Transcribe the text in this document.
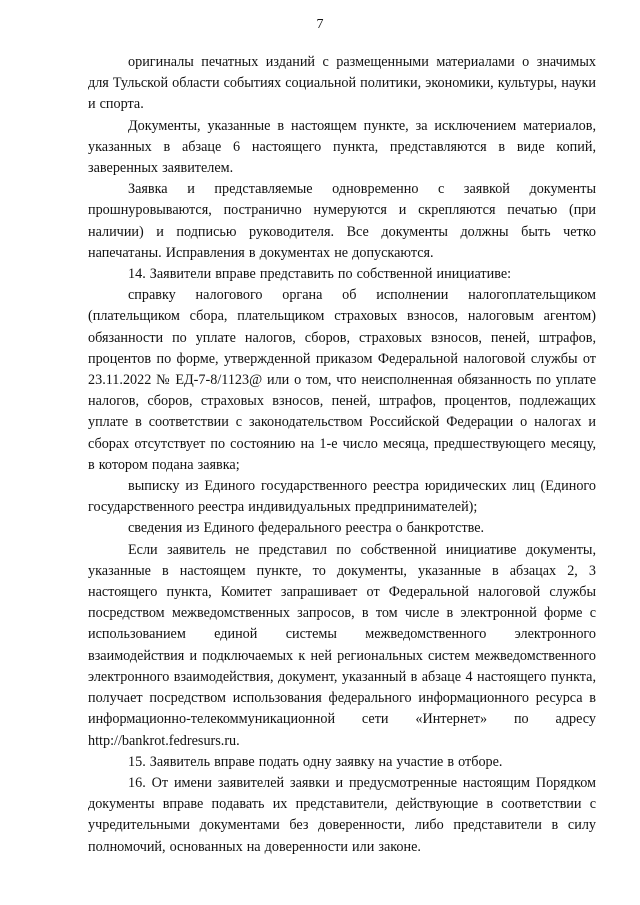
7

оригиналы печатных изданий с размещенными материалами о значимых для Тульской области событиях социальной политики, экономики, культуры, науки и спорта.

Документы, указанные в настоящем пункте, за исключением материалов, указанных в абзаце 6 настоящего пункта, представляются в виде копий, заверенных заявителем.

Заявка и представляемые одновременно с заявкой документы прошнуровываются, постранично нумеруются и скрепляются печатью (при наличии) и подписью руководителя. Все документы должны быть четко напечатаны. Исправления в документах не допускаются.

14. Заявители вправе представить по собственной инициативе:

справку налогового органа об исполнении налогоплательщиком (плательщиком сбора, плательщиком страховых взносов, налоговым агентом) обязанности по уплате налогов, сборов, страховых взносов, пеней, штрафов, процентов по форме, утвержденной приказом Федеральной налоговой службы от 23.11.2022 № ЕД-7-8/1123@ или о том, что неисполненная обязанность по уплате налогов, сборов, страховых взносов, пеней, штрафов, процентов, подлежащих уплате в соответствии с законодательством Российской Федерации о налогах и сборах отсутствует по состоянию на 1-е число месяца, предшествующего месяцу, в котором подана заявка;

выписку из Единого государственного реестра юридических лиц (Единого государственного реестра индивидуальных предпринимателей);

сведения из Единого федерального реестра о банкротстве.

Если заявитель не представил по собственной инициативе документы, указанные в настоящем пункте, то документы, указанные в абзацах 2, 3 настоящего пункта, Комитет запрашивает от Федеральной налоговой службы посредством межведомственных запросов, в том числе в электронной форме с использованием единой системы межведомственного электронного взаимодействия и подключаемых к ней региональных систем межведомственного электронного взаимодействия, документ, указанный в абзаце 4 настоящего пункта, получает посредством использования федерального информационного ресурса в информационно-телекоммуникационной сети «Интернет» по адресу http://bankrot.fedresurs.ru.

15. Заявитель вправе подать одну заявку на участие в отборе.

16. От имени заявителей заявки и предусмотренные настоящим Порядком документы вправе подавать их представители, действующие в соответствии с учредительными документами без доверенности, либо представители в силу полномочий, основанных на доверенности или законе.
